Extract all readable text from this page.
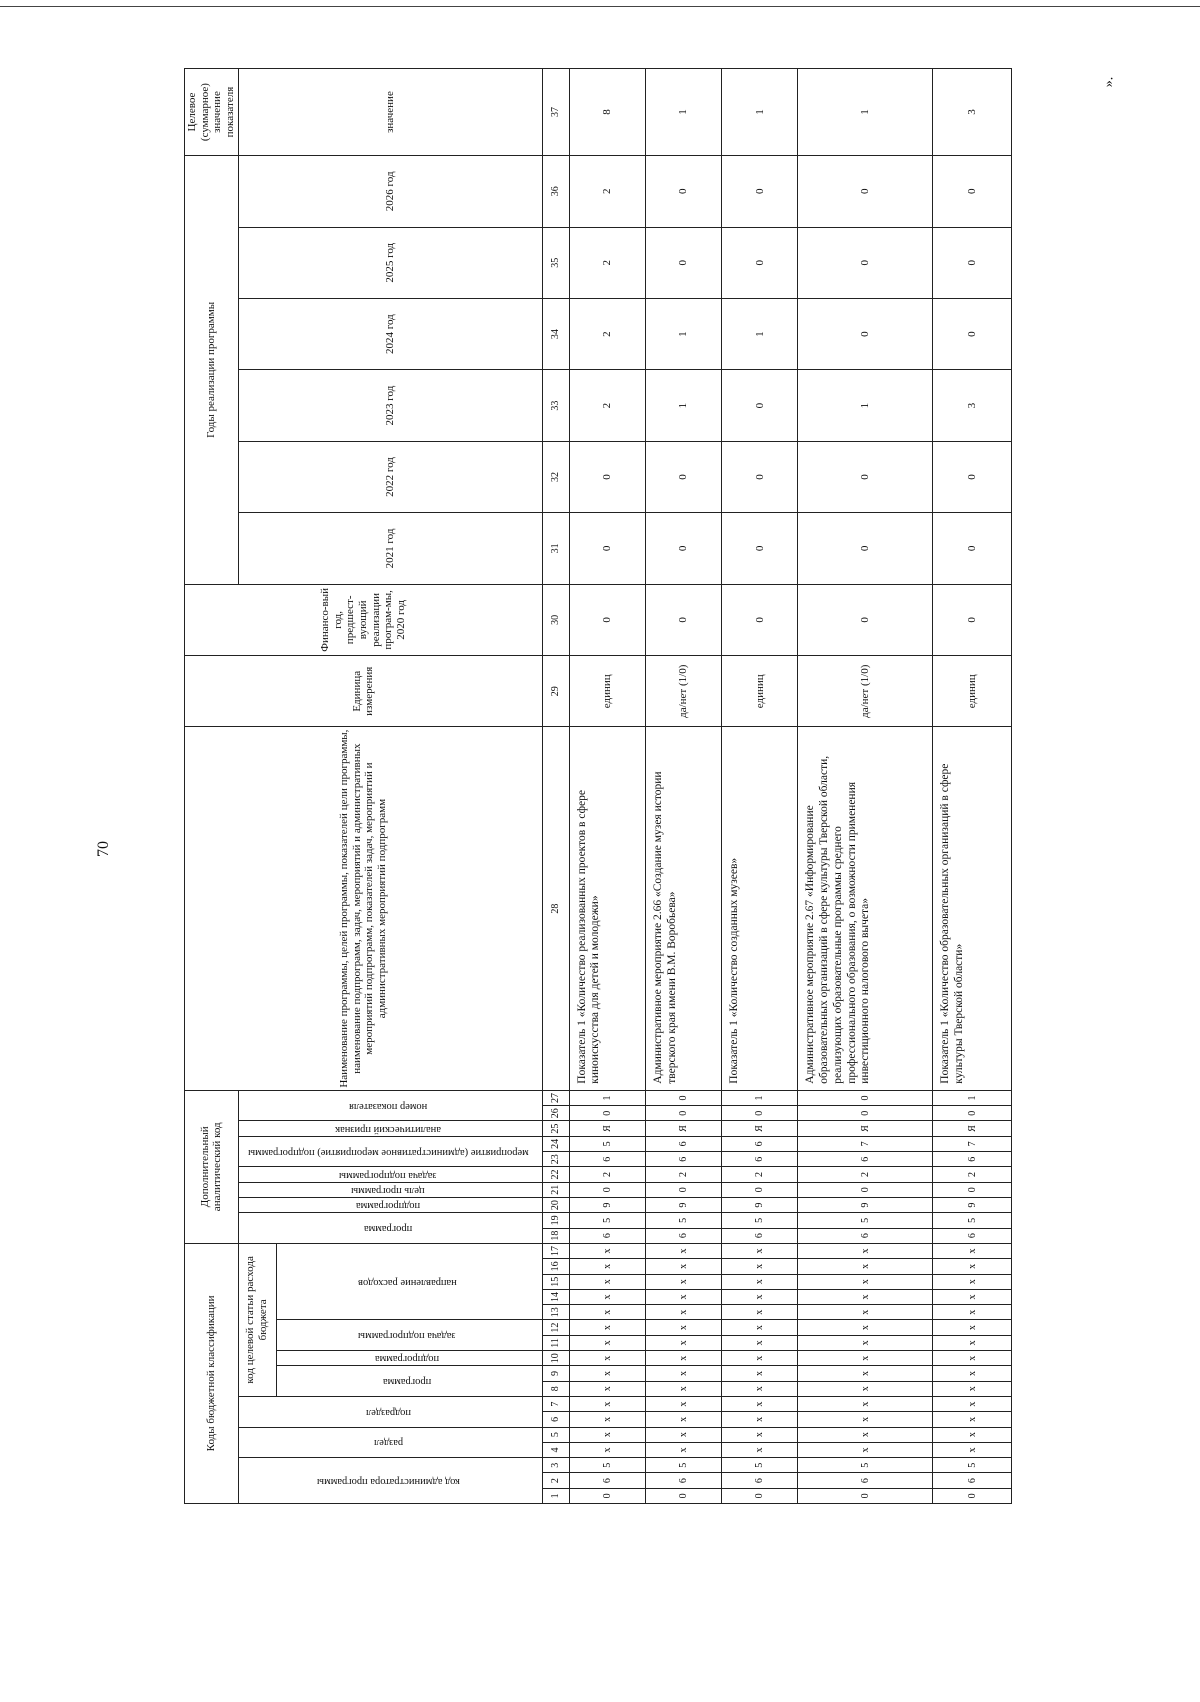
70
».
Коды бюджетной классификации																	Дополнительный аналитический код										Наименование программы, целей программы, показателей цели программы, наименование подпрограмм, задач, мероприятий и административных мероприятий подпрограмм, показателей задач, мероприятий и административных мероприятий подпрограмм	Единица измерения	Финансо-вый год, предшест-вующий реализации програм-мы, 2020 год	Годы реализации программы						Целевое (суммарное) значение показателя
код администратора программы			раздел		подраздел		код целевой статьи расхода бюджета										программа		подпрограмма	цель программы	задача подпрограммы	мероприятие (административное мероприятие) подпрограммы		аналитический признак	номер показателя					2021 год	2022 год	2023 год	2024 год	2025 год	2026 год	значение
							программа		подпрограмма	задача подпрограммы		направление расходов																								
1	2	3	4	5	6	7	8	9	10	11	12	13	14	15	16	17	18	19	20	21	22	23	24	25	26	27	28	29	30	31	32	33	34	35	36	37
0	6	5	х	х	х	х	х	х	х	х	х	х	х	х	х	х	6	5	9	0	2	6	5	Я	0	1	Показатель 1 «Количество реализованных проектов в сфере киноискусства для детей и молодежи»	единиц	0	0	0	2	2	2	2	8
0	6	5	х	х	х	х	х	х	х	х	х	х	х	х	х	х	6	5	9	0	2	6	6	Я	0	0	Административное мероприятие 2.66 «Создание музея истории тверского края имени В.М. Воробьева»	да/нет (1/0)	0	0	0	1	1	0	0	1
0	6	5	х	х	х	х	х	х	х	х	х	х	х	х	х	х	6	5	9	0	2	6	6	Я	0	1	Показатель 1 «Количество созданных музеев»	единиц	0	0	0	0	1	0	0	1
0	6	5	х	х	х	х	х	х	х	х	х	х	х	х	х	х	6	5	9	0	2	6	7	Я	0	0	Административное мероприятие 2.67 «Информирование образовательных организаций в сфере культуры Тверской области, реализующих образовательные программы среднего профессионального образования, о возможности применения инвестиционного налогового вычета»	да/нет (1/0)	0	0	0	1	0	0	0	1
0	6	5	х	х	х	х	х	х	х	х	х	х	х	х	х	х	6	5	9	0	2	6	7	Я	0	1	Показатель 1 «Количество образовательных организаций в сфере культуры Тверской области»	единиц	0	0	0	3	0	0	0	3
